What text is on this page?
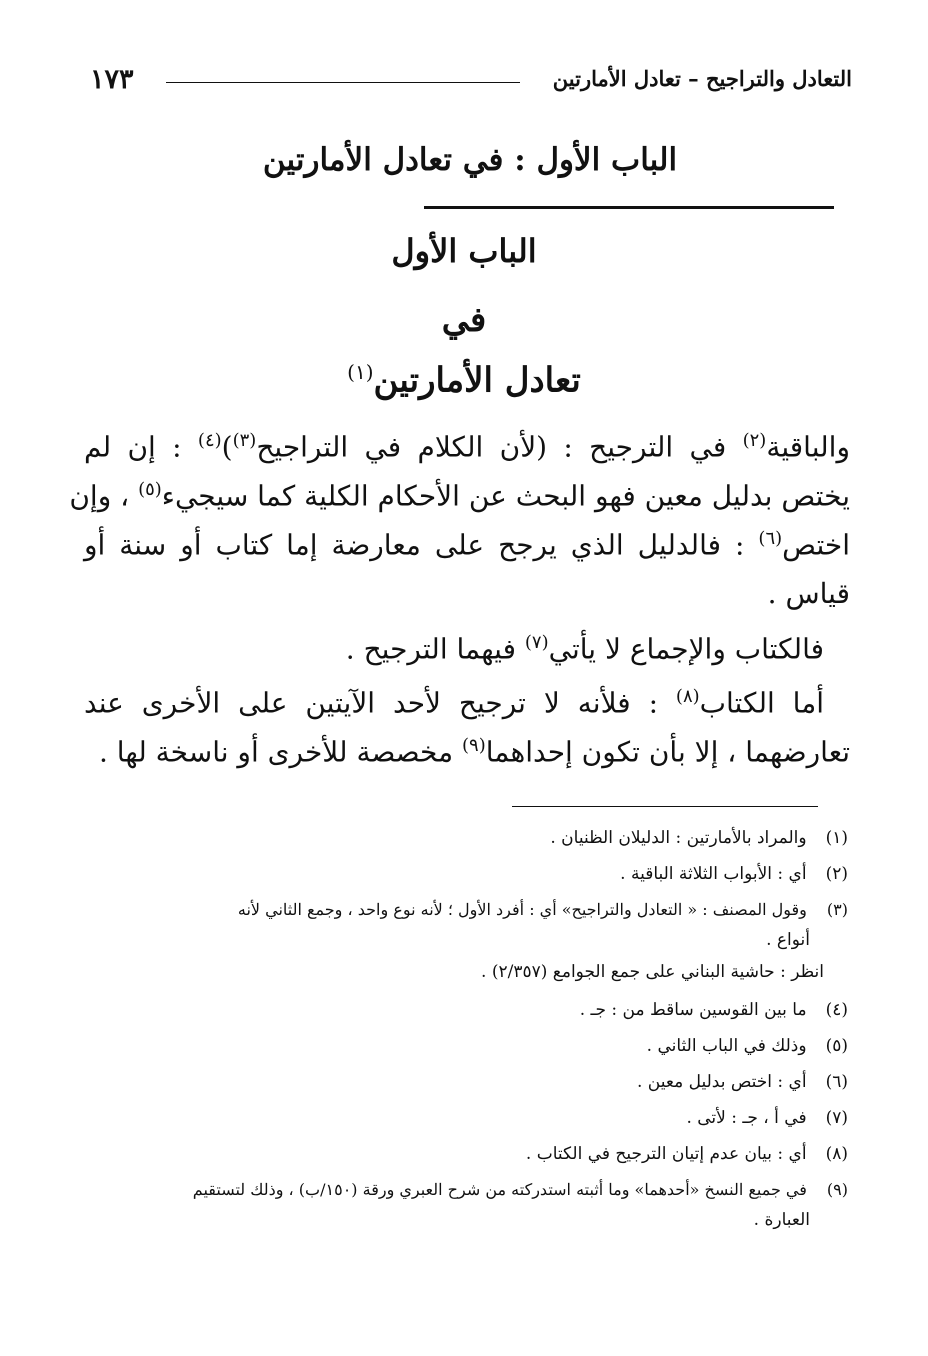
التعادل والتراجيح – تعادل الأمارتين
١٧٣
الباب الأول : في تعادل الأمارتين
الباب الأول
في
تعادل الأمارتين$^{(١)}$
والباقية$^{(٢)}$ في الترجيح : (لأن الكلام في التراجيح$^{(٣)}$)$^{(٤)}$ : إن لم
يختص بدليل معين فهو البحث عن الأحكام الكلية كما سيجيء$^{(٥)}$ ، وإن
اختص$^{(٦)}$ : فالدليل الذي يرجح على معارضة إما كتاب أو سنة أو
قياس .
فالكتاب والإجماع لا يأتي$^{(٧)}$ فيهما الترجيح .
أما الكتاب$^{(٨)}$ : فلأنه لا ترجيح لأحد الآيتين على الأخرى عند
تعارضهما ، إلا بأن تكون إحداهما$^{(٩)}$ مخصصة للأخرى أو ناسخة لها .
(١) والمراد بالأمارتين : الدليلان الظنيان .
(٢) أي : الأبواب الثلاثة الباقية .
(٣) وقول المصنف : « التعادل والتراجيح» أي : أفرد الأول ؛ لأنه نوع واحد ، وجمع الثاني لأنه
أنواع .
انظر : حاشية البناني على جمع الجوامع (٢/٣٥٧) .
(٤) ما بين القوسين ساقط من : جـ .
(٥) وذلك في الباب الثاني .
(٦) أي : اختص بدليل معين .
(٧) في أ ، جـ : لأتى .
(٨) أي : بيان عدم إتيان الترجيح في الكتاب .
(٩) في جميع النسخ «أحدهما» وما أثبته استدركته من شرح العبري ورقة (١٥٠/ب) ، وذلك لتستقيم
العبارة .
